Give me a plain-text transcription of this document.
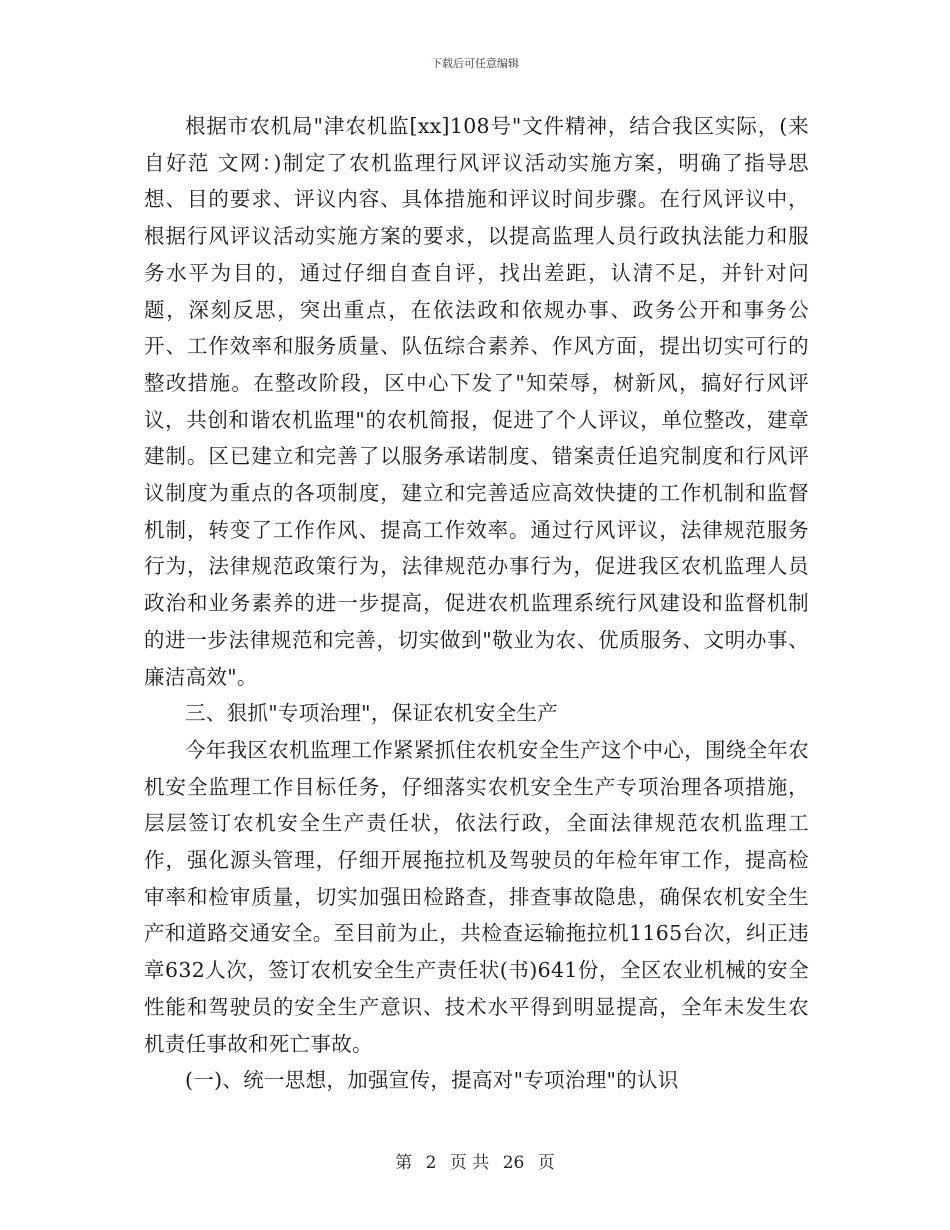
下载后可任意编辑

根据市农机局"津农机监[xx]108号"文件精神，结合我区实际，(来自好范 文网：)制定了农机监理行风评议活动实施方案，明确了指导思想、目的要求、评议内容、具体措施和评议时间步骤。在行风评议中，根据行风评议活动实施方案的要求，以提高监理人员行政执法能力和服务水平为目的，通过仔细自查自评，找出差距，认清不足，并针对问题，深刻反思，突出重点，在依法政和依规办事、政务公开和事务公开、工作效率和服务质量、队伍综合素养、作风方面，提出切实可行的整改措施。在整改阶段，区中心下发了"知荣辱，树新风，搞好行风评议，共创和谐农机监理"的农机简报，促进了个人评议，单位整改，建章建制。区已建立和完善了以服务承诺制度、错案责任追究制度和行风评议制度为重点的各项制度，建立和完善适应高效快捷的工作机制和监督机制，转变了工作作风、提高工作效率。通过行风评议，法律规范服务行为，法律规范政策行为，法律规范办事行为，促进我区农机监理人员政治和业务素养的进一步提高，促进农机监理系统行风建设和监督机制的进一步法律规范和完善，切实做到"敬业为农、优质服务、文明办事、廉洁高效"。

三、狠抓"专项治理"，保证农机安全生产

今年我区农机监理工作紧紧抓住农机安全生产这个中心，围绕全年农机安全监理工作目标任务，仔细落实农机安全生产专项治理各项措施，层层签订农机安全生产责任状，依法行政，全面法律规范农机监理工作，强化源头管理，仔细开展拖拉机及驾驶员的年检年审工作，提高检审率和检审质量，切实加强田检路查，排查事故隐患，确保农机安全生产和道路交通安全。至目前为止，共检查运输拖拉机1165台次，纠正违章632人次，签订农机安全生产责任状(书)641份，全区农业机械的安全性能和驾驶员的安全生产意识、技术水平得到明显提高，全年未发生农机责任事故和死亡事故。

(一)、统一思想，加强宣传，提高对"专项治理"的认识

第 2 页 共 26 页
